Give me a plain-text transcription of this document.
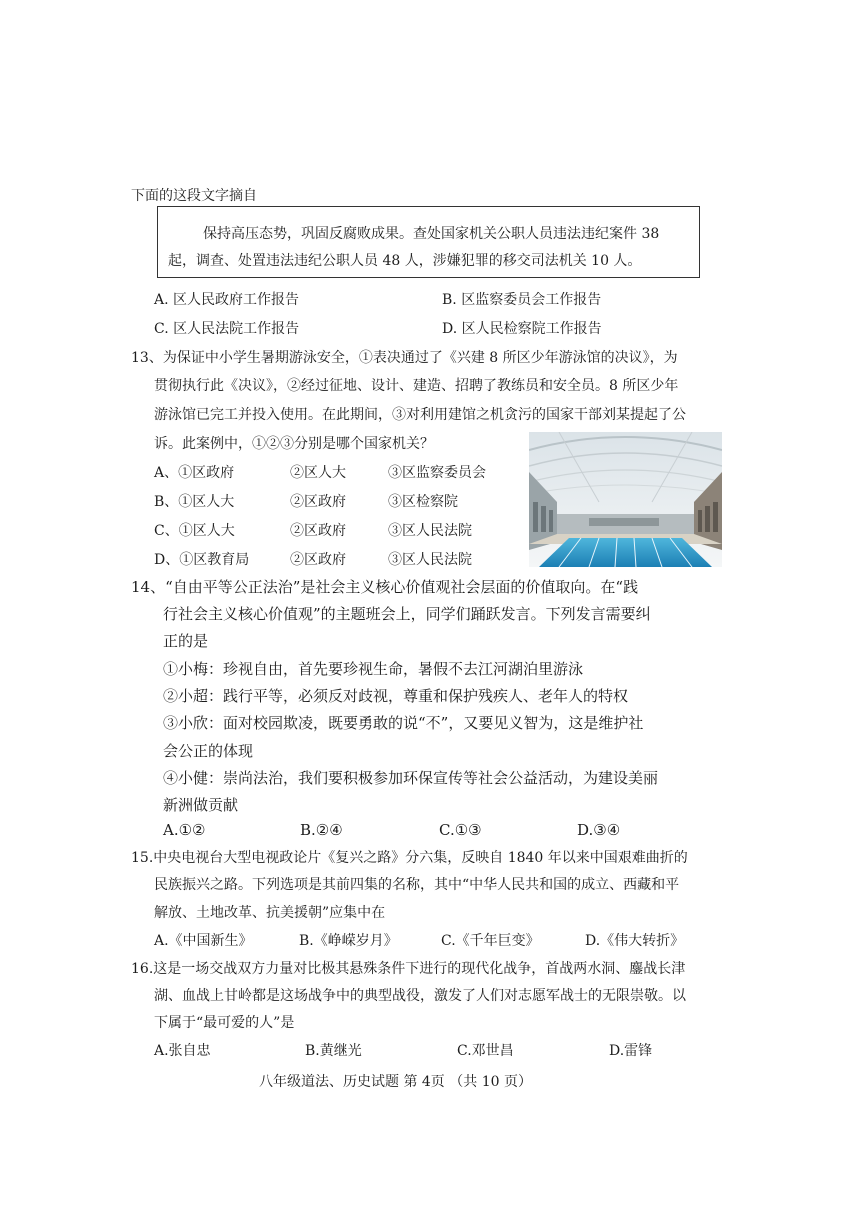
下面的这段文字摘自
保持高压态势，巩固反腐败成果。查处国家机关公职人员违法违纪案件 38
起，调查、处置违法违纪公职人员 48 人，涉嫌犯罪的移交司法机关 10 人。
A. 区人民政府工作报告	B. 区监察委员会工作报告
C. 区人民法院工作报告	D. 区人民检察院工作报告
13、为保证中小学生暑期游泳安全，①表决通过了《兴建 8 所区少年游泳馆的决议》，为
贯彻执行此《决议》，②经过征地、设计、建造、招聘了教练员和安全员。8 所区少年
游泳馆已完工并投入使用。在此期间，③对利用建馆之机贪污的国家干部刘某提起了公
诉。此案例中，①②③分别是哪个国家机关？
A、①区政府	②区人大	③区监察委员会
B、①区人大	②区政府	③区检察院
C、①区人大	②区政府	③区人民法院
D、①区教育局	②区政府	③区人民法院
14、“自由平等公正法治”是社会主义核心价值观社会层面的价值取向。在“践
行社会主义核心价值观”的主题班会上，同学们踊跃发言。下列发言需要纠
正的是
①小梅：珍视自由，首先要珍视生命，暑假不去江河湖泊里游泳
②小超：践行平等，必须反对歧视，尊重和保护残疾人、老年人的特权
③小欣：面对校园欺凌，既要勇敢的说“不”，又要见义智为，这是维护社
会公正的体现
④小健：崇尚法治，我们要积极参加环保宣传等社会公益活动，为建设美丽
新洲做贡献
A.①②	B.②④	C.①③	D.③④
15.中央电视台大型电视政论片《复兴之路》分六集，反映自 1840 年以来中国艰难曲折的
民族振兴之路。下列选项是其前四集的名称，其中“中华人民共和国的成立、西藏和平
解放、土地改革、抗美援朝”应集中在
A.《中国新生》	B.《峥嵘岁月》	C.《千年巨变》	D.《伟大转折》
16.这是一场交战双方力量对比极其悬殊条件下进行的现代化战争，首战两水洞、鏖战长津
湖、血战上甘岭都是这场战争中的典型战役，激发了人们对志愿军战士的无限崇敬。以
下属于“最可爱的人”是
A.张自忠	B.黄继光	C.邓世昌	D.雷锋
八年级道法、历史试题 第 4页 （共 10 页）
